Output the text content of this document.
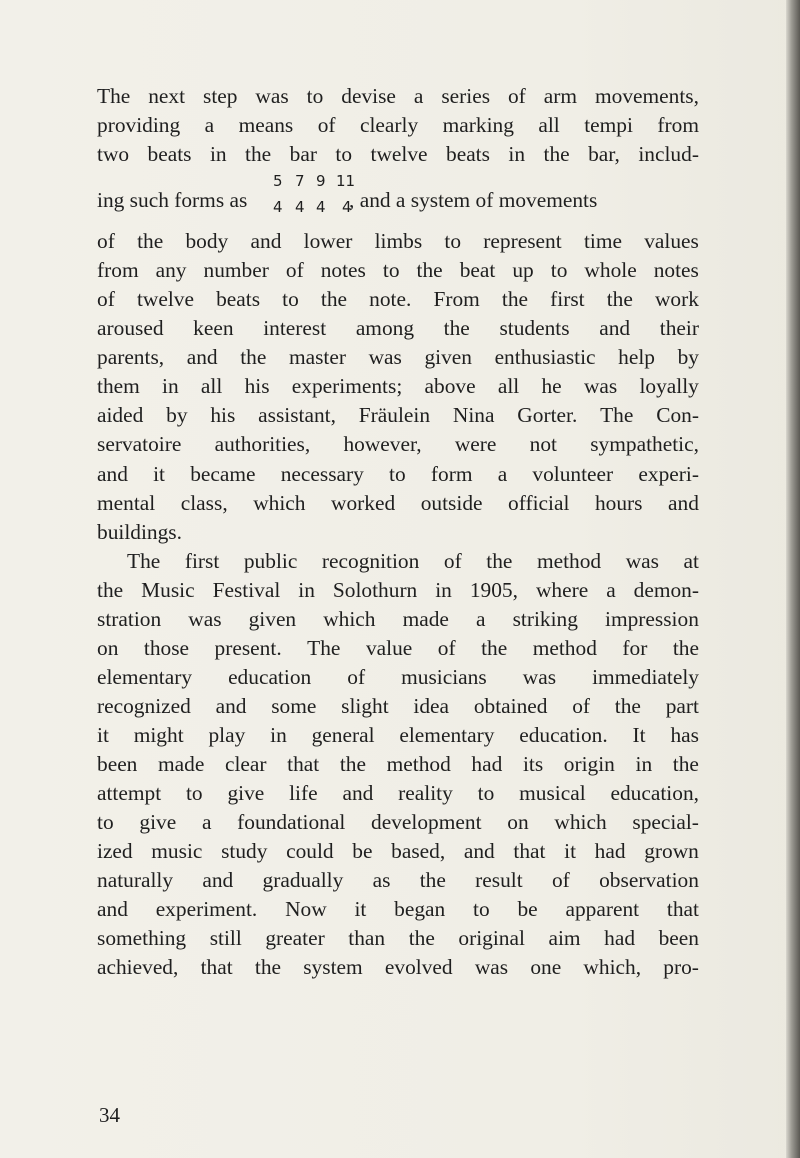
The next step was to devise a series of arm movements,
providing a means of clearly marking all tempi from
two beats in the bar to twelve beats in the bar, includ-
ing such forms as
5
4
7
4
9
4
11
4
, and a system of movements
of the body and lower limbs to represent time values
from any number of notes to the beat up to whole notes
of twelve beats to the note. From the first the work
aroused keen interest among the students and their
parents, and the master was given enthusiastic help by
them in all his experiments; above all he was loyally
aided by his assistant, Fräulein Nina Gorter. The Con-
servatoire authorities, however, were not sympathetic,
and it became necessary to form a volunteer experi-
mental class, which worked outside official hours and
buildings.
The first public recognition of the method was at
the Music Festival in Solothurn in 1905, where a demon-
stration was given which made a striking impression
on those present. The value of the method for the
elementary education of musicians was immediately
recognized and some slight idea obtained of the part
it might play in general elementary education. It has
been made clear that the method had its origin in the
attempt to give life and reality to musical education,
to give a foundational development on which special-
ized music study could be based, and that it had grown
naturally and gradually as the result of observation
and experiment. Now it began to be apparent that
something still greater than the original aim had been
achieved, that the system evolved was one which, pro-
34
